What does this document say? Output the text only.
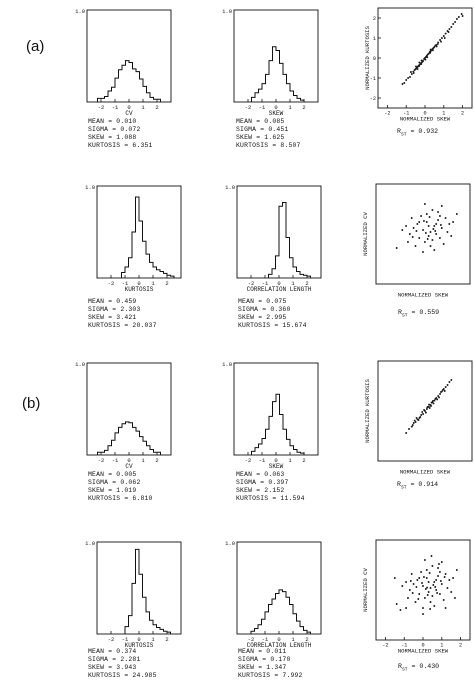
(a)
(b)
1.0
-2 -1 0 1 2
CV
MEAN = 0.010
SIGMA = 0.072
SKEW = 1.088
KURTOSIS = 6.351
1.0
-2 -1 0 1 2
SKEW
MEAN = 0.085
SIGMA = 0.451
SKEW = 1.625
KURTOSIS = 8.507
-2 -1	0	1	2
-2
-1
0
1
2
NORMALIZED SKEW
NORMALIZED KURTOSIS
$R_{ST} = 0.932$
1.0
-2 -1 0 1 2
KURTOSIS
MEAN = 0.459
SIGMA = 2.303
SKEW = 3.421
KURTOSIS = 20.037
1.0
-2 -1 0 1 2
CORRELATION LENGTH
MEAN = 0.075
SIGMA = 0.360
SKEW = 2.995
KURTOSIS = 15.674
NORMALIZED SKEW
NORMALIZED CV
$R_{ST} = 0.559$
1.0
-2 -1 0 1 2
CV
MEAN = 0.005
SIGMA = 0.062
SKEW = 1.019
KURTOSIS = 6.810
1.0
-2 -1 0 1 2
SKEW
MEAN = 0.063
SIGMA = 0.397
SKEW = 2.152
KURTOSIS = 11.594
NORMALIZED SKEW
NORMALIZED KURTOSIS
$R_{ST} = 0.914$
1.0
-2 -1 0 1 2
KURTOSIS
MEAN = 0.374
SIGMA = 2.281
SKEW = 3.943
KURTOSIS = 24.985
1.0
-2 -1 0 1 2
CORRELATION LENGTH
MEAN = 0.011
SIGMA = 0.170
SKEW = 1.347
KURTOSIS = 7.992
-2 -1	0	1	2
NORMALIZED SKEW
NORMALIZED CV
$R_{ST} = 0.430$
